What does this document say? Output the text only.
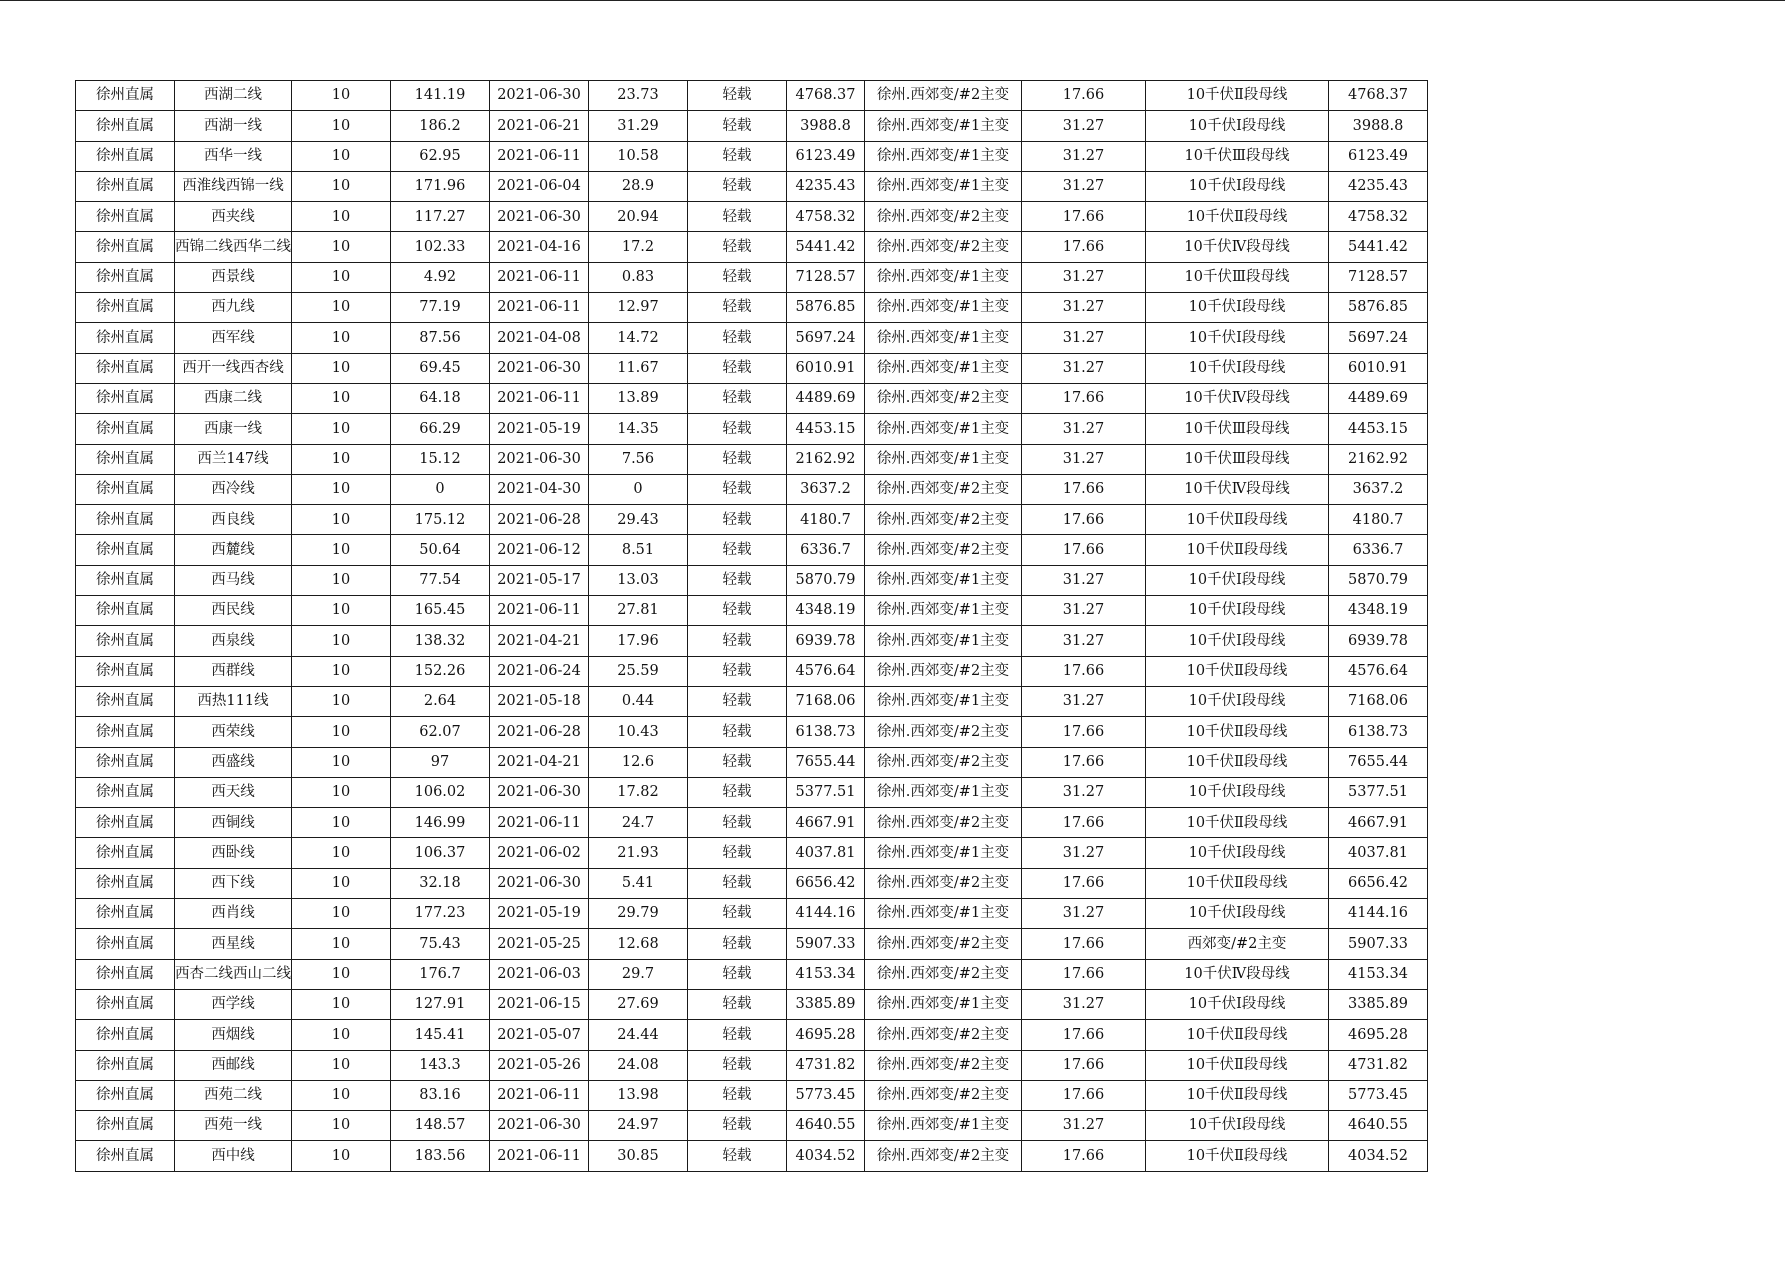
徐州直属	西湖二线	10	141.19	2021-06-30	23.73	轻载	4768.37	徐州.西郊变/#2主变	17.66	10千伏Ⅱ段母线	4768.37
徐州直属	西湖一线	10	186.2	2021-06-21	31.29	轻载	3988.8	徐州.西郊变/#1主变	31.27	10千伏Ⅰ段母线	3988.8
徐州直属	西华一线	10	62.95	2021-06-11	10.58	轻载	6123.49	徐州.西郊变/#1主变	31.27	10千伏Ⅲ段母线	6123.49
徐州直属	西淮线西锦一线	10	171.96	2021-06-04	28.9	轻载	4235.43	徐州.西郊变/#1主变	31.27	10千伏Ⅰ段母线	4235.43
徐州直属	西夹线	10	117.27	2021-06-30	20.94	轻载	4758.32	徐州.西郊变/#2主变	17.66	10千伏Ⅱ段母线	4758.32
徐州直属	西锦二线西华二线	10	102.33	2021-04-16	17.2	轻载	5441.42	徐州.西郊变/#2主变	17.66	10千伏Ⅳ段母线	5441.42
徐州直属	西景线	10	4.92	2021-06-11	0.83	轻载	7128.57	徐州.西郊变/#1主变	31.27	10千伏Ⅲ段母线	7128.57
徐州直属	西九线	10	77.19	2021-06-11	12.97	轻载	5876.85	徐州.西郊变/#1主变	31.27	10千伏Ⅰ段母线	5876.85
徐州直属	西军线	10	87.56	2021-04-08	14.72	轻载	5697.24	徐州.西郊变/#1主变	31.27	10千伏Ⅰ段母线	5697.24
徐州直属	西开一线西杏线	10	69.45	2021-06-30	11.67	轻载	6010.91	徐州.西郊变/#1主变	31.27	10千伏Ⅰ段母线	6010.91
徐州直属	西康二线	10	64.18	2021-06-11	13.89	轻载	4489.69	徐州.西郊变/#2主变	17.66	10千伏Ⅳ段母线	4489.69
徐州直属	西康一线	10	66.29	2021-05-19	14.35	轻载	4453.15	徐州.西郊变/#1主变	31.27	10千伏Ⅲ段母线	4453.15
徐州直属	西兰147线	10	15.12	2021-06-30	7.56	轻载	2162.92	徐州.西郊变/#1主变	31.27	10千伏Ⅲ段母线	2162.92
徐州直属	西冷线	10	0	2021-04-30	0	轻载	3637.2	徐州.西郊变/#2主变	17.66	10千伏Ⅳ段母线	3637.2
徐州直属	西良线	10	175.12	2021-06-28	29.43	轻载	4180.7	徐州.西郊变/#2主变	17.66	10千伏Ⅱ段母线	4180.7
徐州直属	西麓线	10	50.64	2021-06-12	8.51	轻载	6336.7	徐州.西郊变/#2主变	17.66	10千伏Ⅱ段母线	6336.7
徐州直属	西马线	10	77.54	2021-05-17	13.03	轻载	5870.79	徐州.西郊变/#1主变	31.27	10千伏Ⅰ段母线	5870.79
徐州直属	西民线	10	165.45	2021-06-11	27.81	轻载	4348.19	徐州.西郊变/#1主变	31.27	10千伏Ⅰ段母线	4348.19
徐州直属	西泉线	10	138.32	2021-04-21	17.96	轻载	6939.78	徐州.西郊变/#1主变	31.27	10千伏Ⅰ段母线	6939.78
徐州直属	西群线	10	152.26	2021-06-24	25.59	轻载	4576.64	徐州.西郊变/#2主变	17.66	10千伏Ⅱ段母线	4576.64
徐州直属	西热111线	10	2.64	2021-05-18	0.44	轻载	7168.06	徐州.西郊变/#1主变	31.27	10千伏Ⅰ段母线	7168.06
徐州直属	西荣线	10	62.07	2021-06-28	10.43	轻载	6138.73	徐州.西郊变/#2主变	17.66	10千伏Ⅱ段母线	6138.73
徐州直属	西盛线	10	97	2021-04-21	12.6	轻载	7655.44	徐州.西郊变/#2主变	17.66	10千伏Ⅱ段母线	7655.44
徐州直属	西天线	10	106.02	2021-06-30	17.82	轻载	5377.51	徐州.西郊变/#1主变	31.27	10千伏Ⅰ段母线	5377.51
徐州直属	西铜线	10	146.99	2021-06-11	24.7	轻载	4667.91	徐州.西郊变/#2主变	17.66	10千伏Ⅱ段母线	4667.91
徐州直属	西卧线	10	106.37	2021-06-02	21.93	轻载	4037.81	徐州.西郊变/#1主变	31.27	10千伏Ⅰ段母线	4037.81
徐州直属	西下线	10	32.18	2021-06-30	5.41	轻载	6656.42	徐州.西郊变/#2主变	17.66	10千伏Ⅱ段母线	6656.42
徐州直属	西肖线	10	177.23	2021-05-19	29.79	轻载	4144.16	徐州.西郊变/#1主变	31.27	10千伏Ⅰ段母线	4144.16
徐州直属	西星线	10	75.43	2021-05-25	12.68	轻载	5907.33	徐州.西郊变/#2主变	17.66	西郊变/#2主变	5907.33
徐州直属	西杏二线西山二线	10	176.7	2021-06-03	29.7	轻载	4153.34	徐州.西郊变/#2主变	17.66	10千伏Ⅳ段母线	4153.34
徐州直属	西学线	10	127.91	2021-06-15	27.69	轻载	3385.89	徐州.西郊变/#1主变	31.27	10千伏Ⅰ段母线	3385.89
徐州直属	西烟线	10	145.41	2021-05-07	24.44	轻载	4695.28	徐州.西郊变/#2主变	17.66	10千伏Ⅱ段母线	4695.28
徐州直属	西邮线	10	143.3	2021-05-26	24.08	轻载	4731.82	徐州.西郊变/#2主变	17.66	10千伏Ⅱ段母线	4731.82
徐州直属	西苑二线	10	83.16	2021-06-11	13.98	轻载	5773.45	徐州.西郊变/#2主变	17.66	10千伏Ⅱ段母线	5773.45
徐州直属	西苑一线	10	148.57	2021-06-30	24.97	轻载	4640.55	徐州.西郊变/#1主变	31.27	10千伏Ⅰ段母线	4640.55
徐州直属	西中线	10	183.56	2021-06-11	30.85	轻载	4034.52	徐州.西郊变/#2主变	17.66	10千伏Ⅱ段母线	4034.52
